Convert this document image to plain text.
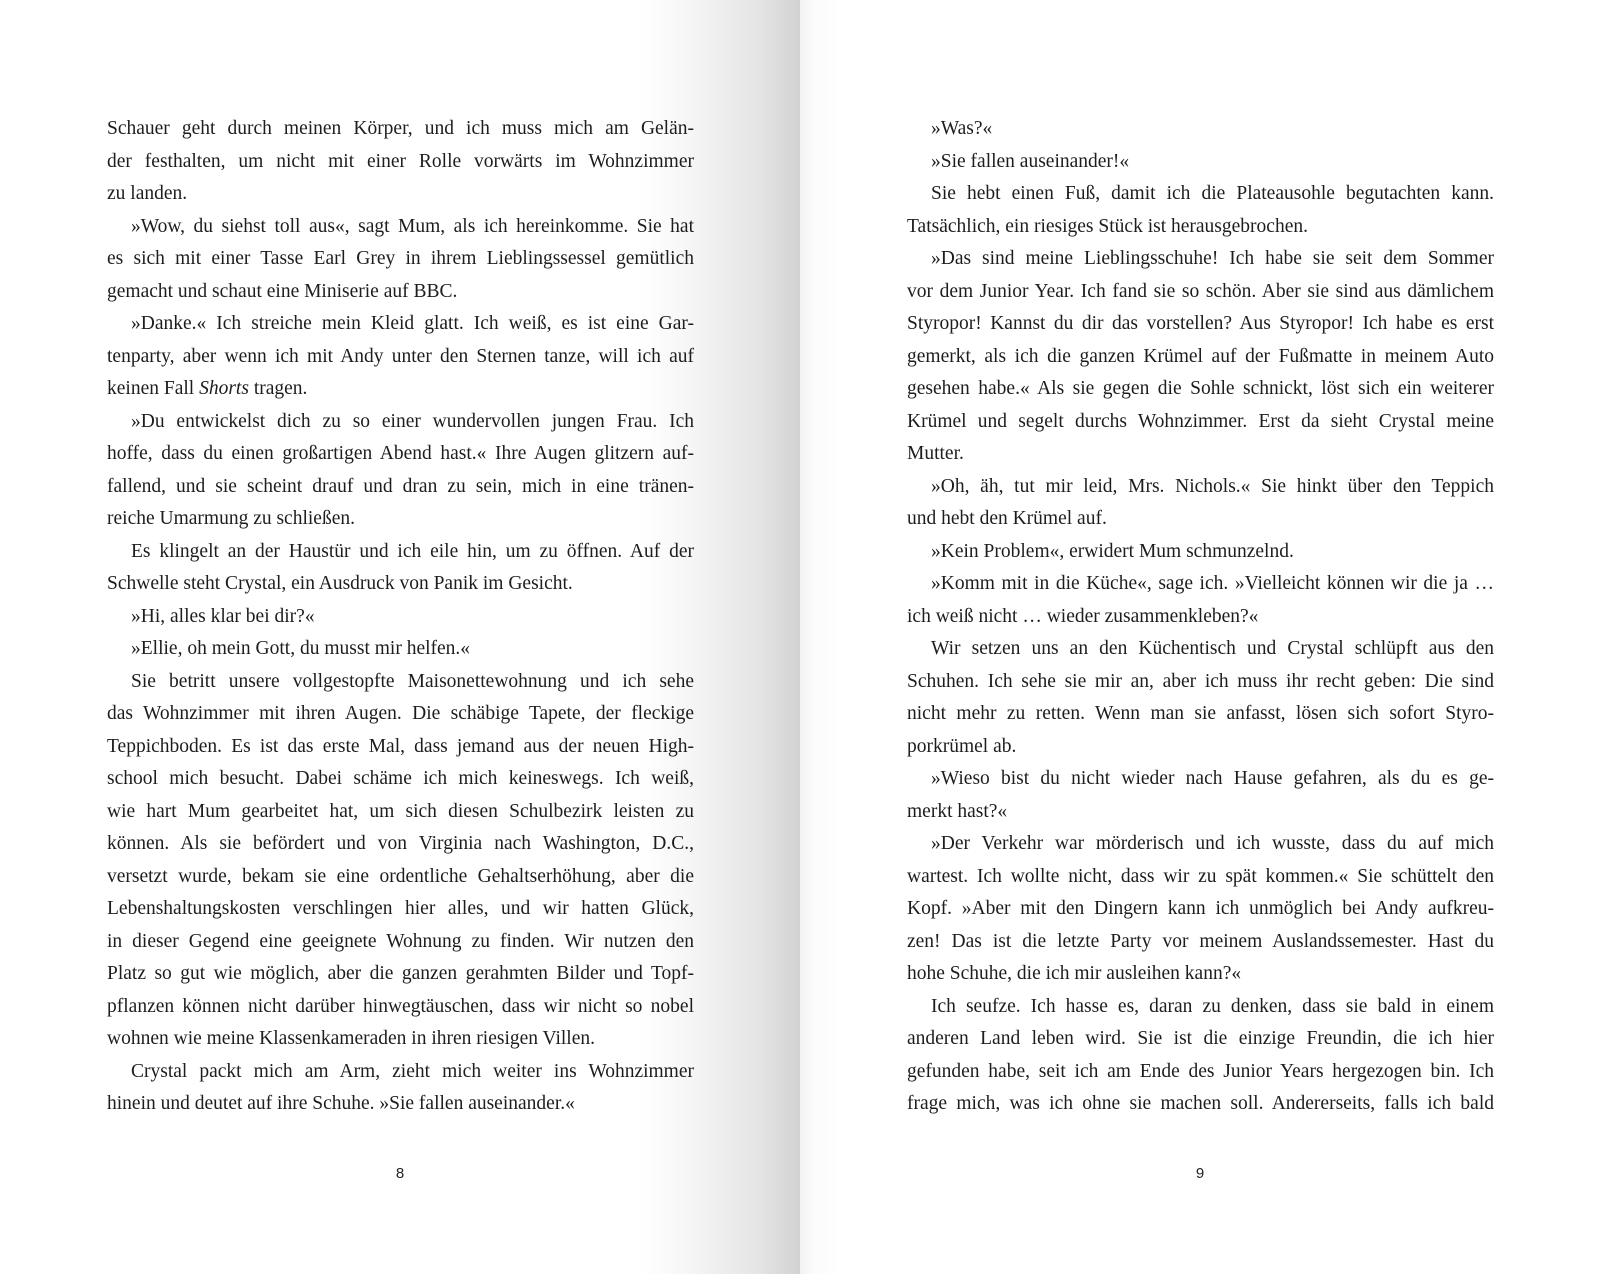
Schauer geht durch meinen Körper, und ich muss mich am Gelän-
der festhalten, um nicht mit einer Rolle vorwärts im Wohnzimmer
zu landen.
»Wow, du siehst toll aus«, sagt Mum, als ich hereinkomme. Sie hat
es sich mit einer Tasse Earl Grey in ihrem Lieblingssessel gemütlich
gemacht und schaut eine Miniserie auf BBC.
»Danke.« Ich streiche mein Kleid glatt. Ich weiß, es ist eine Gar-
tenparty, aber wenn ich mit Andy unter den Sternen tanze, will ich auf
keinen Fall Shorts tragen.
»Du entwickelst dich zu so einer wundervollen jungen Frau. Ich
hoffe, dass du einen großartigen Abend hast.« Ihre Augen glitzern auf-
fallend, und sie scheint drauf und dran zu sein, mich in eine tränen-
reiche Umarmung zu schließen.
Es klingelt an der Haustür und ich eile hin, um zu öffnen. Auf der
Schwelle steht Crystal, ein Ausdruck von Panik im Gesicht.
»Hi, alles klar bei dir?«
»Ellie, oh mein Gott, du musst mir helfen.«
Sie betritt unsere vollgestopfte Maisonettewohnung und ich sehe
das Wohnzimmer mit ihren Augen. Die schäbige Tapete, der fleckige
Teppichboden. Es ist das erste Mal, dass jemand aus der neuen High-
school mich besucht. Dabei schäme ich mich keineswegs. Ich weiß,
wie hart Mum gearbeitet hat, um sich diesen Schulbezirk leisten zu
können. Als sie befördert und von Virginia nach Washington, D.C.,
versetzt wurde, bekam sie eine ordentliche Gehaltserhöhung, aber die
Lebenshaltungskosten verschlingen hier alles, und wir hatten Glück,
in dieser Gegend eine geeignete Wohnung zu finden. Wir nutzen den
Platz so gut wie möglich, aber die ganzen gerahmten Bilder und Topf-
pflanzen können nicht darüber hinwegtäuschen, dass wir nicht so nobel
wohnen wie meine Klassenkameraden in ihren riesigen Villen.
Crystal packt mich am Arm, zieht mich weiter ins Wohnzimmer
hinein und deutet auf ihre Schuhe. »Sie fallen auseinander.«
8
»Was?«
»Sie fallen auseinander!«
Sie hebt einen Fuß, damit ich die Plateausohle begutachten kann.
Tatsächlich, ein riesiges Stück ist herausgebrochen.
»Das sind meine Lieblingsschuhe! Ich habe sie seit dem Sommer
vor dem Junior Year. Ich fand sie so schön. Aber sie sind aus dämlichem
Styropor! Kannst du dir das vorstellen? Aus Styropor! Ich habe es erst
gemerkt, als ich die ganzen Krümel auf der Fußmatte in meinem Auto
gesehen habe.« Als sie gegen die Sohle schnickt, löst sich ein weiterer
Krümel und segelt durchs Wohnzimmer. Erst da sieht Crystal meine
Mutter.
»Oh, äh, tut mir leid, Mrs. Nichols.« Sie hinkt über den Teppich
und hebt den Krümel auf.
»Kein Problem«, erwidert Mum schmunzelnd.
»Komm mit in die Küche«, sage ich. »Vielleicht können wir die ja …
ich weiß nicht … wieder zusammenkleben?«
Wir setzen uns an den Küchentisch und Crystal schlüpft aus den
Schuhen. Ich sehe sie mir an, aber ich muss ihr recht geben: Die sind
nicht mehr zu retten. Wenn man sie anfasst, lösen sich sofort Styro-
porkrümel ab.
»Wieso bist du nicht wieder nach Hause gefahren, als du es ge-
merkt hast?«
»Der Verkehr war mörderisch und ich wusste, dass du auf mich
wartest. Ich wollte nicht, dass wir zu spät kommen.« Sie schüttelt den
Kopf. »Aber mit den Dingern kann ich unmöglich bei Andy aufkreu-
zen! Das ist die letzte Party vor meinem Auslandssemester. Hast du
hohe Schuhe, die ich mir ausleihen kann?«
Ich seufze. Ich hasse es, daran zu denken, dass sie bald in einem
anderen Land leben wird. Sie ist die einzige Freundin, die ich hier
gefunden habe, seit ich am Ende des Junior Years hergezogen bin. Ich
frage mich, was ich ohne sie machen soll. Andererseits, falls ich bald
9
